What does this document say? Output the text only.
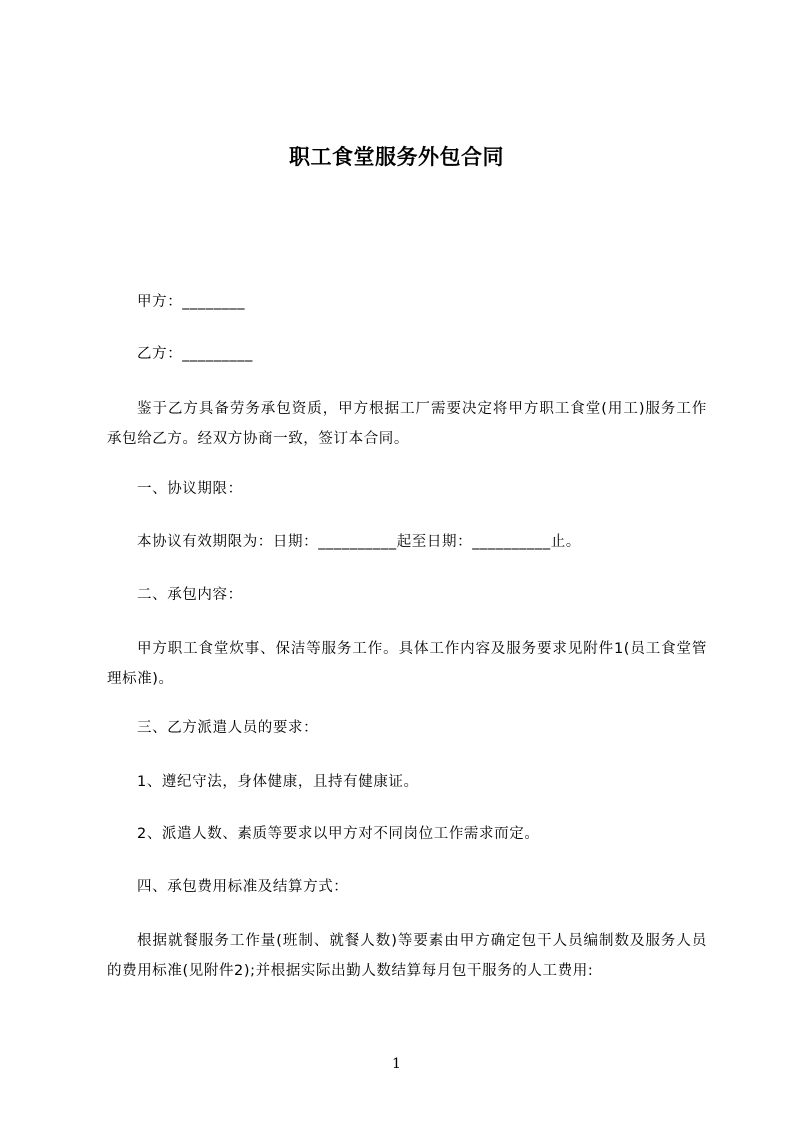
职工食堂服务外包合同
甲方：________
乙方：_________
鉴于乙方具备劳务承包资质，甲方根据工厂需要决定将甲方职工食堂(用工)服务工作承包给乙方。经双方协商一致，签订本合同。
一、协议期限：
本协议有效期限为：日期：__________起至日期：__________止。
二、承包内容：
甲方职工食堂炊事、保洁等服务工作。具体工作内容及服务要求见附件1(员工食堂管理标准)。
三、乙方派遣人员的要求：
1、遵纪守法，身体健康，且持有健康证。
2、派遣人数、素质等要求以甲方对不同岗位工作需求而定。
四、承包费用标准及结算方式：
根据就餐服务工作量(班制、就餐人数)等要素由甲方确定包干人员编制数及服务人员的费用标准(见附件2);并根据实际出勤人数结算每月包干服务的人工费用:
1
